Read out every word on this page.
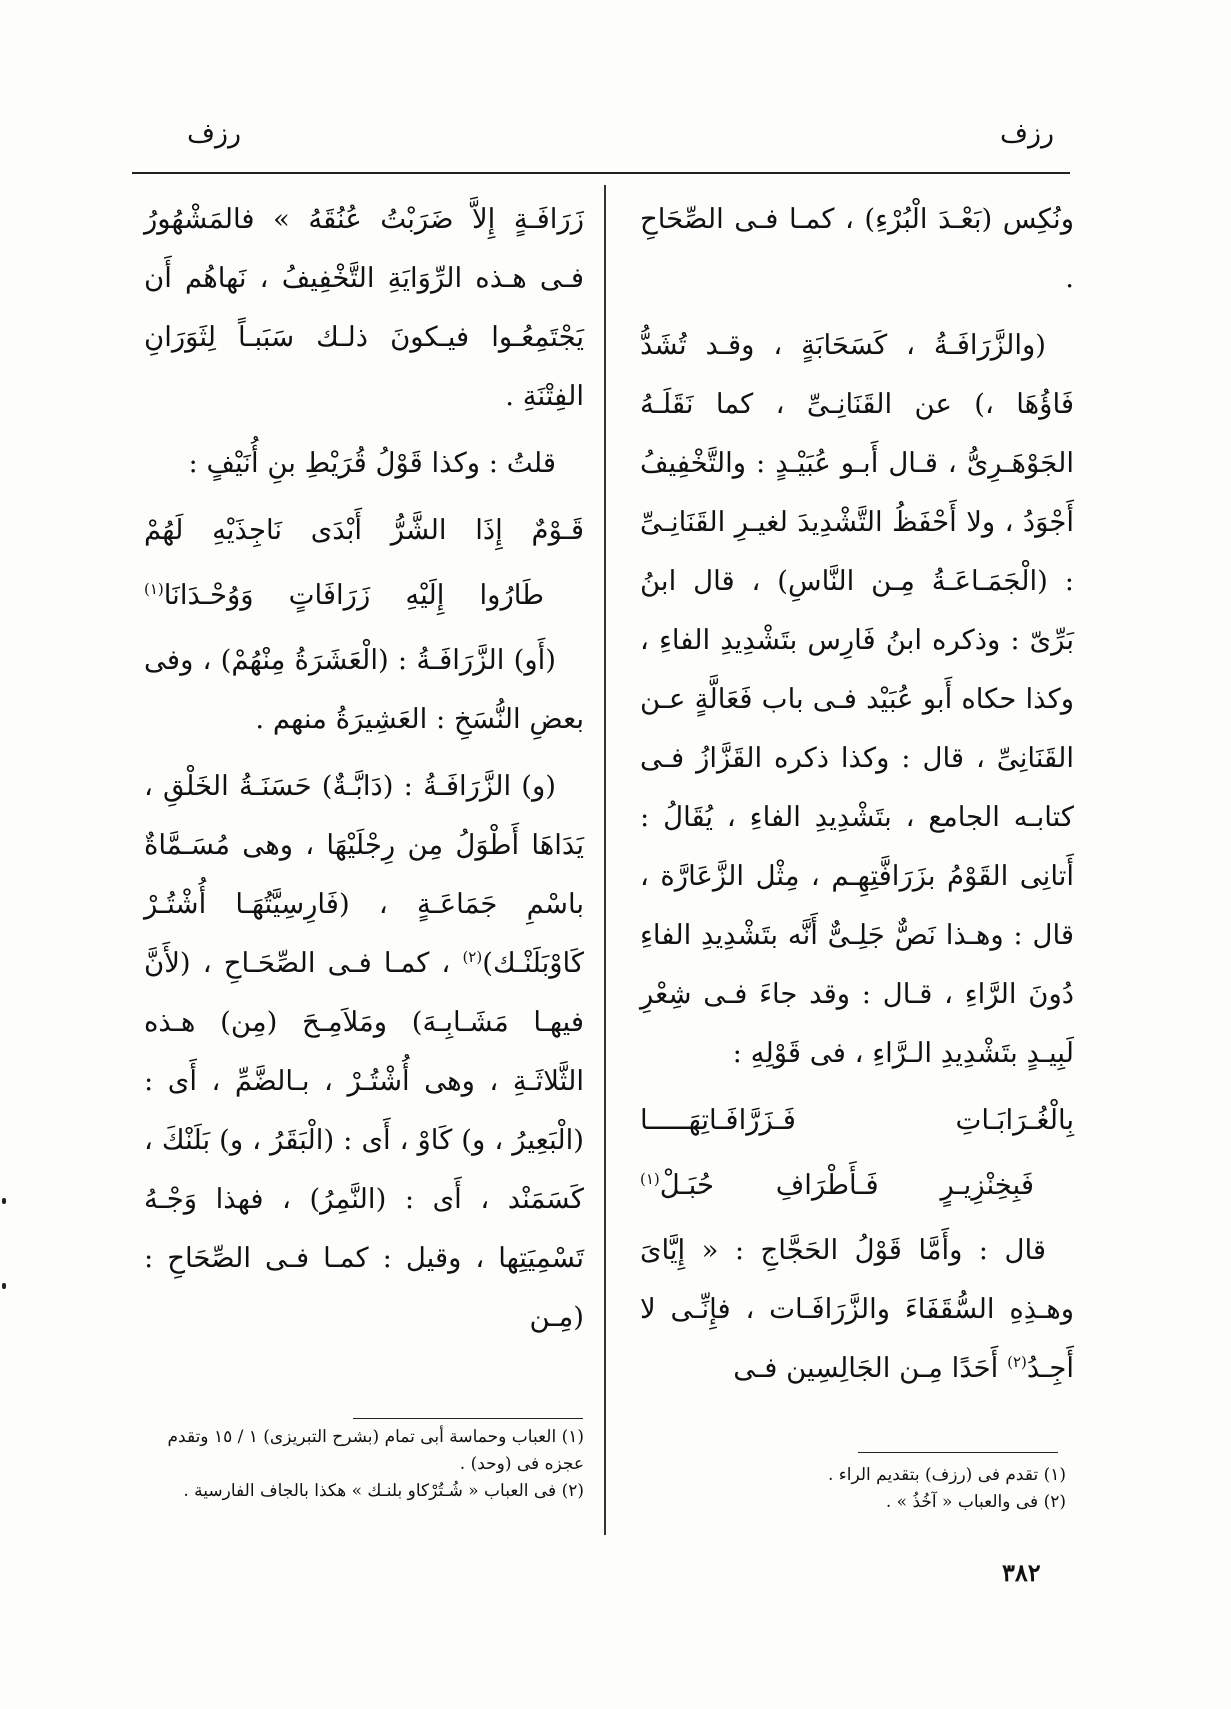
رزف
رزف

ونُكِس (بَعْـدَ الْبُرْءِ) ، كمـا فـى الصِّحَاحِ .

(والزَّرَافَـةُ ، كَسَحَابَةٍ ، وقـد تُشَدُّ فَاؤُهَا ،) عن القَنَانِـىِّ ، كما نَقَلَـهُ الجَوْهَـرِىُّ ، قـال أَبـو عُبَيْـدٍ : والتَّخْفِيفُ أَجْوَدُ ، ولا أَحْفَظُ التَّشْدِيدَ لغيـرِ القَنَانِـىِّ : (الْجَمَـاعَـةُ مِـن النَّاسِ) ، قال ابنُ بَرِّىّ : وذكره ابنُ فَارِس بتَشْدِيدِ الفاءِ ، وكذا حكاه أَبو عُبَيْد فـى باب فَعَالَّةٍ عـن القَنَانِىِّ ، قال : وكذا ذكره القَزَّازُ فـى كتابـه الجامع ، بتَشْدِيدِ الفاءِ ، يُقَالُ : أَتانِى القَوْمُ بزَرَافَّتِهِـم ، مِثْل الزَّعَارَّة ، قال : وهـذا نَصٌّ جَلِـىٌّ أَنَّه بتَشْدِيدِ الفاءِ دُونَ الرَّاءِ ، قـال : وقد جاءَ فـى شِعْرِ لَبِيـدٍ بتَشْدِيدِ الـرَّاءِ ، فى قَوْلِهِ :

بِالْغُـرَابَـاتِ فَـزَرَّافَـاتِهَـــــا
فَبِخِنْزِيـرٍ فَـأَطْرَافِ حُبَـلْ$^{(١)}$

قال : وأَمَّا قَوْلُ الحَجَّاجِ : « إِيَّاىَ وهـذِهِ السُّقَفَاءَ والزَّرَافَـات ، فإِنِّـى لا أَجِـدُ$^{(٢)}$ أَحَدًا مِـن الجَالِسِين فـى

زَرَافَـةٍ إِلاَّ ضَرَبْتُ عُنُقَهُ » فالمَشْهُورُ فـى هـذه الرِّوَايَةِ التَّخْفِيفُ ، نَهاهُم أَن يَجْتَمِعُـوا فيـكونَ ذلـك سَبَبـاً لِثَوَرَانِ الفِتْنَةِ .

قلتُ : وكذا قَوْلُ قُرَيْطِ بنِ أُنَيْفٍ :

قَـوْمٌ إِذَا الشَّرُّ أَبْدَى نَاجِذَيْهِ لَهُمْ
طَارُوا إِلَيْهِ زَرَافَاتٍ وَوُحْـدَانَا$^{(١)}$

(أَو) الزَّرَافَـةُ : (الْعَشَرَةُ مِنْهُمْ) ، وفى بعضِ النُّسَخِ : العَشِيرَةُ منهم .

(و) الزَّرَافَـةُ : (دَابَّـةٌ) حَسَنَـةُ الخَلْقِ ، يَدَاهَا أَطْوَلُ مِن رِجْلَيْهَا ، وهى مُسَـمَّاةٌ باسْمِ جَمَاعَـةٍ ، (فَارِسِيَّتُهَـا أُشْتُـرْ كَاوْبَلَنْـك)$^{(٢)}$ ، كمـا فـى الصِّحَـاحِ ، (لأَنَّ فيهـا مَشَـابِـهَ) ومَلاَمِـحَ (مِن) هـذه الثَّلاثَـةِ ، وهى أُشْتُـرْ ، بـالضَّمِّ ، أَى : (الْبَعِيرُ ، و) كَاوْ ، أَى : (الْبَقَرُ ، و) بَلَنْكَ ، كَسَمَنْد ، أَى : (النَّمِرُ) ، فهذا وَجْـهُ تَسْمِيَتِها ، وقيل : كمـا فـى الصِّحَاحِ : (مِـن

(١) تقدم فى (رزف) بتقديم الراء .

(٢) فى والعباب « آخُذُ » .

(١) العباب وحماسة أبى تمام (بشرح التبريزى) ١ / ١٥ وتقدم عجزه فى (وحد) .

(٢) فى العباب « شُـتُرْكاو بلنـك » هكذا بالجاف الفارسية .

٣٨٢
